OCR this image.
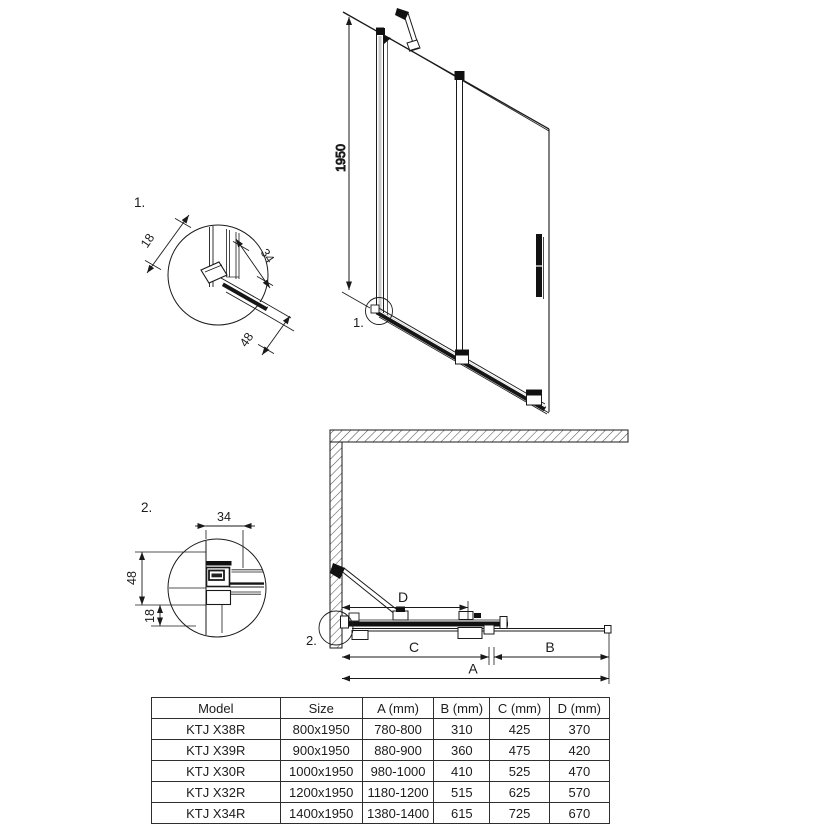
1950
1.
1.
18
34
48
2.
34
48
18
D
C	B
A
2.
Model	Size	A (mm)	B (mm)	C (mm)	D (mm)
KTJ X38R	800x1950	780-800	310	425	370
KTJ X39R	900x1950	880-900	360	475	420
KTJ X30R	1000x1950	980-1000	410	525	470
KTJ X32R	1200x1950	1180-1200	515	625	570
KTJ X34R	1400x1950	1380-1400	615	725	670
